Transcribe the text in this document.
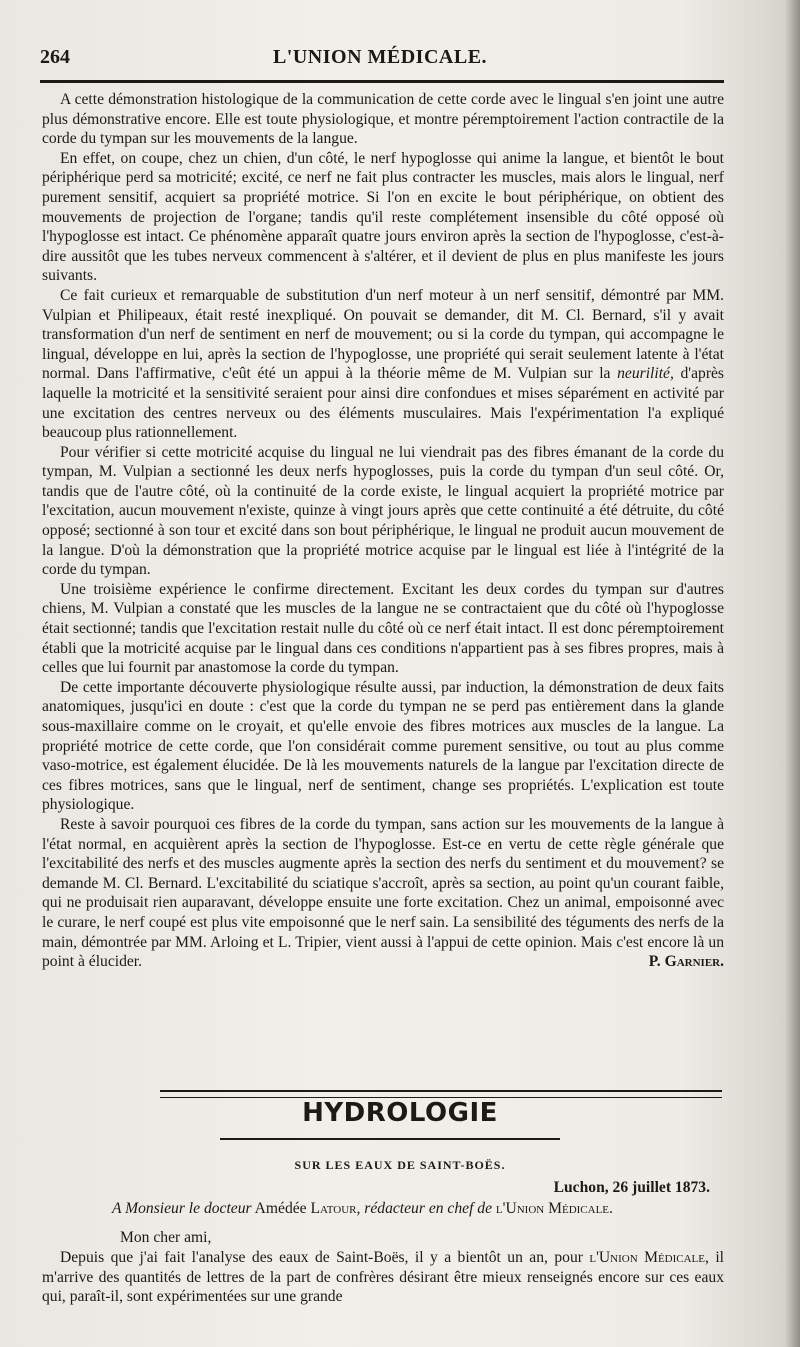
264	L'UNION MÉDICALE.

A cette démonstration histologique de la communication de cette corde avec le lingual s'en joint une autre plus démonstrative encore. Elle est toute physiologique, et montre péremptoirement l'action contractile de la corde du tympan sur les mouvements de la langue.

En effet, on coupe, chez un chien, d'un côté, le nerf hypoglosse qui anime la langue, et bientôt le bout périphérique perd sa motricité; excité, ce nerf ne fait plus contracter les muscles, mais alors le lingual, nerf purement sensitif, acquiert sa propriété motrice. Si l'on en excite le bout périphérique, on obtient des mouvements de projection de l'organe; tandis qu'il reste complétement insensible du côté opposé où l'hypoglosse est intact. Ce phénomène apparaît quatre jours environ après la section de l'hypoglosse, c'est-à-dire aussitôt que les tubes nerveux commencent à s'altérer, et il devient de plus en plus manifeste les jours suivants.

Ce fait curieux et remarquable de substitution d'un nerf moteur à un nerf sensitif, démontré par MM. Vulpian et Philipeaux, était resté inexpliqué. On pouvait se demander, dit M. Cl. Bernard, s'il y avait transformation d'un nerf de sentiment en nerf de mouvement; ou si la corde du tympan, qui accompagne le lingual, développe en lui, après la section de l'hypoglosse, une propriété qui serait seulement latente à l'état normal. Dans l'affirmative, c'eût été un appui à la théorie même de M. Vulpian sur la neurilité, d'après laquelle la motricité et la sensitivité seraient pour ainsi dire confondues et mises séparément en activité par une excitation des centres nerveux ou des éléments musculaires. Mais l'expérimentation l'a expliqué beaucoup plus rationnellement.

Pour vérifier si cette motricité acquise du lingual ne lui viendrait pas des fibres émanant de la corde du tympan, M. Vulpian a sectionné les deux nerfs hypoglosses, puis la corde du tympan d'un seul côté. Or, tandis que de l'autre côté, où la continuité de la corde existe, le lingual acquiert la propriété motrice par l'excitation, aucun mouvement n'existe, quinze à vingt jours après que cette continuité a été détruite, du côté opposé; sectionné à son tour et excité dans son bout périphérique, le lingual ne produit aucun mouvement de la langue. D'où la démonstration que la propriété motrice acquise par le lingual est liée à l'intégrité de la corde du tympan.

Une troisième expérience le confirme directement. Excitant les deux cordes du tympan sur d'autres chiens, M. Vulpian a constaté que les muscles de la langue ne se contractaient que du côté où l'hypoglosse était sectionné; tandis que l'excitation restait nulle du côté où ce nerf était intact. Il est donc péremptoirement établi que la motricité acquise par le lingual dans ces conditions n'appartient pas à ses fibres propres, mais à celles que lui fournit par anastomose la corde du tympan.

De cette importante découverte physiologique résulte aussi, par induction, la démonstration de deux faits anatomiques, jusqu'ici en doute : c'est que la corde du tympan ne se perd pas entièrement dans la glande sous-maxillaire comme on le croyait, et qu'elle envoie des fibres motrices aux muscles de la langue. La propriété motrice de cette corde, que l'on considérait comme purement sensitive, ou tout au plus comme vaso-motrice, est également élucidée. De là les mouvements naturels de la langue par l'excitation directe de ces fibres motrices, sans que le lingual, nerf de sentiment, change ses propriétés. L'explication est toute physiologique.

Reste à savoir pourquoi ces fibres de la corde du tympan, sans action sur les mouvements de la langue à l'état normal, en acquièrent après la section de l'hypoglosse. Est-ce en vertu de cette règle générale que l'excitabilité des nerfs et des muscles augmente après la section des nerfs du sentiment et du mouvement? se demande M. Cl. Bernard. L'excitabilité du sciatique s'accroît, après sa section, au point qu'un courant faible, qui ne produisait rien auparavant, développe ensuite une forte excitation. Chez un animal, empoisonné avec le curare, le nerf coupé est plus vite empoisonné que le nerf sain. La sensibilité des téguments des nerfs de la main, démontrée par MM. Arloing et L. Tripier, vient aussi à l'appui de cette opinion. Mais c'est encore là un point à élucider.	P. Garnier.

HYDROLOGIE
SUR LES EAUX DE SAINT-BOËS.
Luchon, 26 juillet 1873.
A Monsieur le docteur Amédée Latour, rédacteur en chef de l'Union Médicale.
Mon cher ami,

Depuis que j'ai fait l'analyse des eaux de Saint-Boës, il y a bientôt un an, pour l'Union Médicale, il m'arrive des quantités de lettres de la part de confrères désirant être mieux renseignés encore sur ces eaux qui, paraît-il, sont expérimentées sur une grande
